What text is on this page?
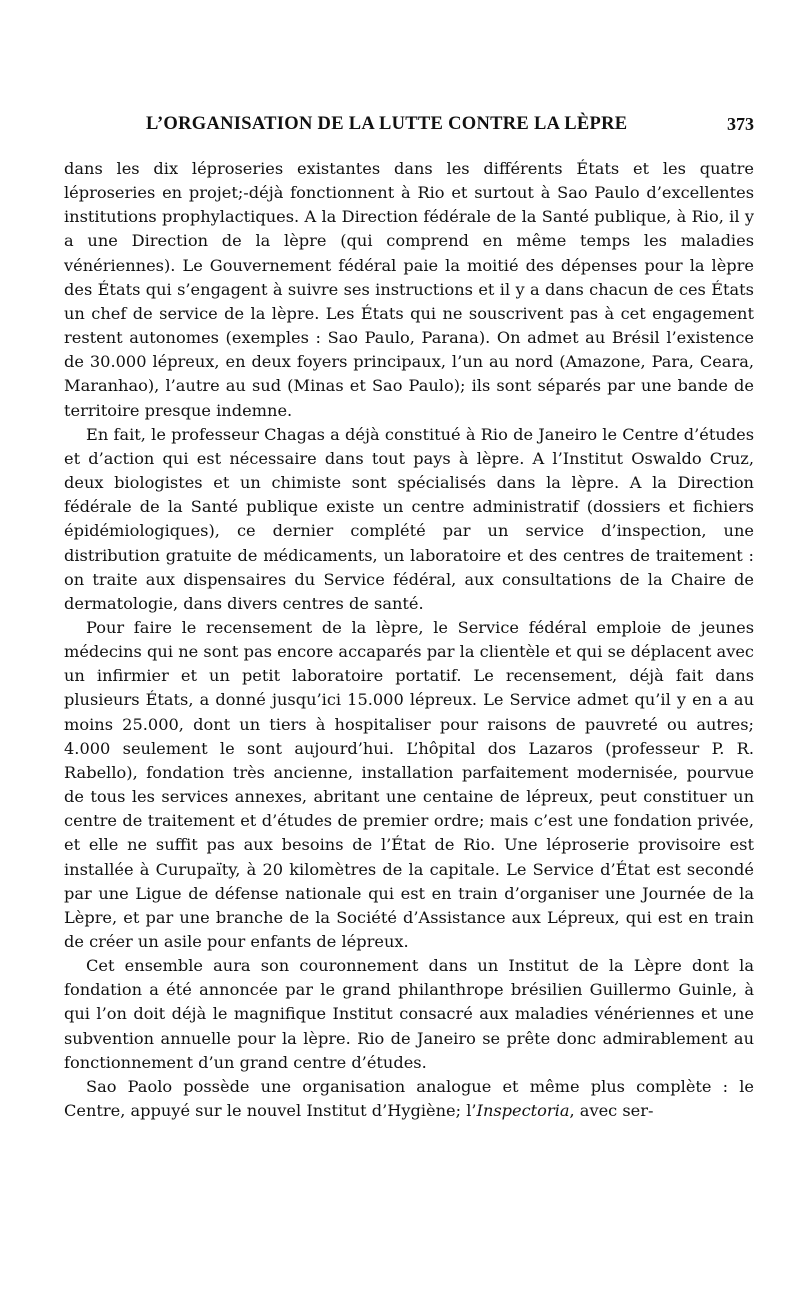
L’ORGANISATION DE LA LUTTE CONTRE LA LÈPRE	373

dans les dix léproseries existantes dans les différents États et les quatre léproseries en projet;-déjà fonctionnent à Rio et surtout à Sao Paulo d’excellentes institutions prophylactiques. A la Direction fédérale de la Santé publique, à Rio, il y a une Direction de la lèpre (qui comprend en même temps les maladies vénériennes). Le Gouvernement fédéral paie la moitié des dépenses pour la lèpre des États qui s’engagent à suivre ses instructions et il y a dans chacun de ces États un chef de service de la lèpre. Les États qui ne souscrivent pas à cet engagement restent autonomes (exemples : Sao Paulo, Parana). On admet au Brésil l’existence de 30.000 lépreux, en deux foyers principaux, l’un au nord (Amazone, Para, Ceara, Maranhao), l’autre au sud (Minas et Sao Paulo); ils sont séparés par une bande de territoire presque indemne.

En fait, le professeur Chagas a déjà constitué à Rio de Janeiro le Centre d’études et d’action qui est nécessaire dans tout pays à lèpre. A l’Institut Oswaldo Cruz, deux biologistes et un chimiste sont spécialisés dans la lèpre. A la Direction fédérale de la Santé publique existe un centre administratif (dossiers et fichiers épidémiologiques), ce dernier complété par un service d’inspection, une distribution gratuite de médicaments, un laboratoire et des centres de traitement : on traite aux dispensaires du Service fédéral, aux consultations de la Chaire de dermatologie, dans divers centres de santé.

Pour faire le recensement de la lèpre, le Service fédéral emploie de jeunes médecins qui ne sont pas encore accaparés par la clientèle et qui se déplacent avec un infirmier et un petit laboratoire portatif. Le recensement, déjà fait dans plusieurs États, a donné jusqu’ici 15.000 lépreux. Le Service admet qu’il y en a au moins 25.000, dont un tiers à hospitaliser pour raisons de pauvreté ou autres; 4.000 seulement le sont aujourd’hui. L’hôpital dos Lazaros (professeur P. R. Rabello), fondation très ancienne, installation parfaitement modernisée, pourvue de tous les services annexes, abritant une centaine de lépreux, peut constituer un centre de traitement et d’études de premier ordre; mais c’est une fondation privée, et elle ne suffit pas aux besoins de l’État de Rio. Une léproserie provisoire est installée à Curupaïty, à 20 kilomètres de la capitale. Le Service d’État est secondé par une Ligue de défense nationale qui est en train d’organiser une Journée de la Lèpre, et par une branche de la Société d’Assistance aux Lépreux, qui est en train de créer un asile pour enfants de lépreux.

Cet ensemble aura son couronnement dans un Institut de la Lèpre dont la fondation a été annoncée par le grand philanthrope brésilien Guillermo Guinle, à qui l’on doit déjà le magnifique Institut consacré aux maladies vénériennes et une subvention annuelle pour la lèpre. Rio de Janeiro se prête donc admirablement au fonctionnement d’un grand centre d’études.

Sao Paolo possède une organisation analogue et même plus complète : le Centre, appuyé sur le nouvel Institut d’Hygiène; l’Inspectoria, avec ser-
